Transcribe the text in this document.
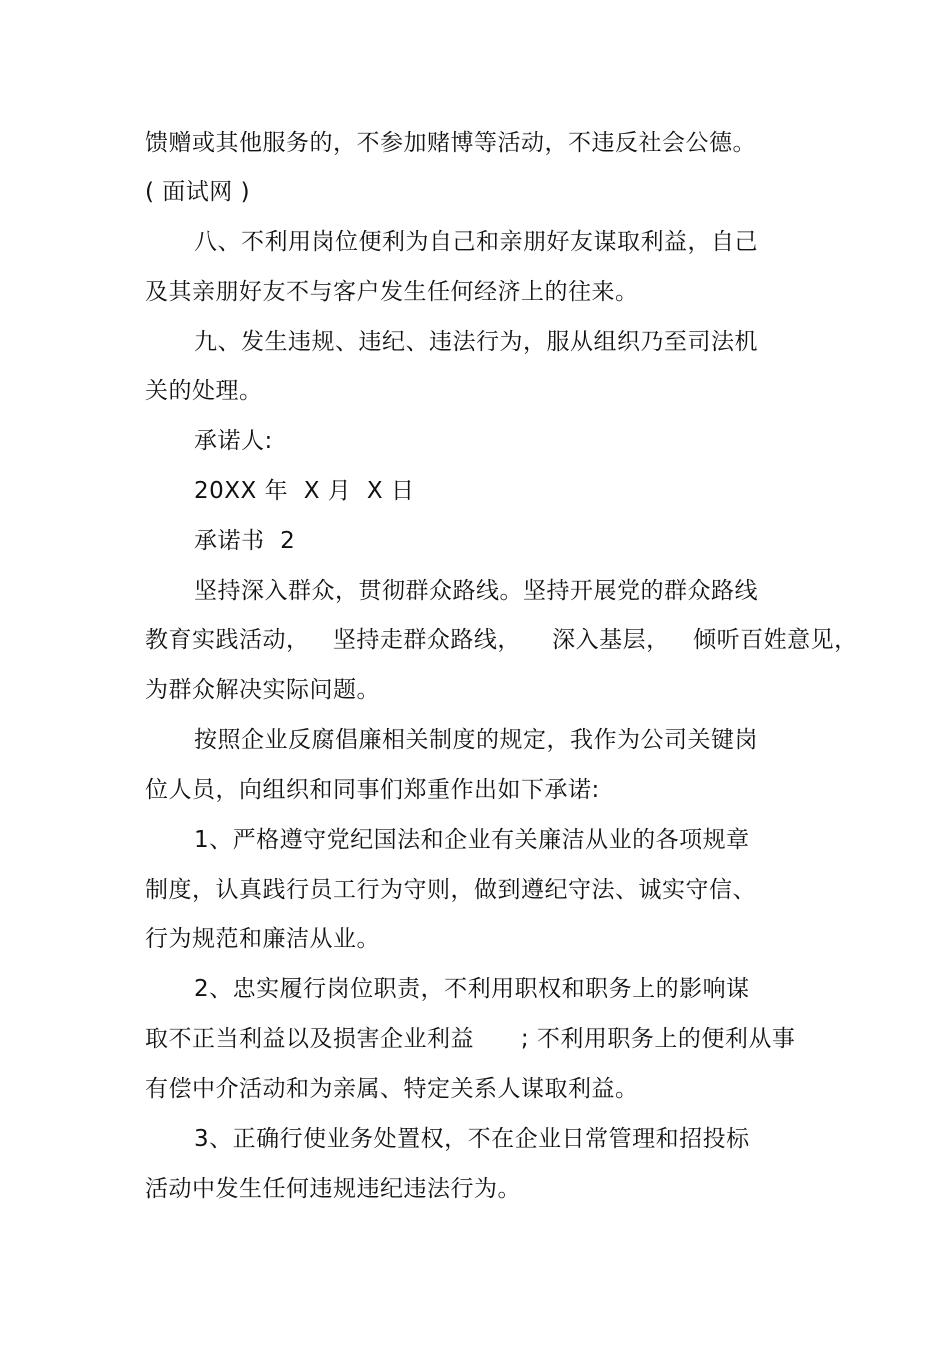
馈赠或其他服务的，不参加赌博等活动，不违反社会公德。
( 面试网 )
八、不利用岗位便利为自己和亲朋好友谋取利益，自己
及其亲朋好友不与客户发生任何经济上的往来。
九、发生违规、违纪、违法行为，服从组织乃至司法机
关的处理。
承诺人:
20XX 年  X 月  X 日
承诺书  2
坚持深入群众，贯彻群众路线。坚持开展党的群众路线
教育实践活动，   坚持走群众路线，    深入基层，   倾听百姓意见，
为群众解决实际问题。
按照企业反腐倡廉相关制度的规定，我作为公司关键岗
位人员，向组织和同事们郑重作出如下承诺:
1、严格遵守党纪国法和企业有关廉洁从业的各项规章
制度，认真践行员工行为守则，做到遵纪守法、诚实守信、
行为规范和廉洁从业。
2、忠实履行岗位职责，不利用职权和职务上的影响谋
取不正当利益以及损害企业利益      ; 不利用职务上的便利从事
有偿中介活动和为亲属、特定关系人谋取利益。
3、正确行使业务处置权，不在企业日常管理和招投标
活动中发生任何违规违纪违法行为。
